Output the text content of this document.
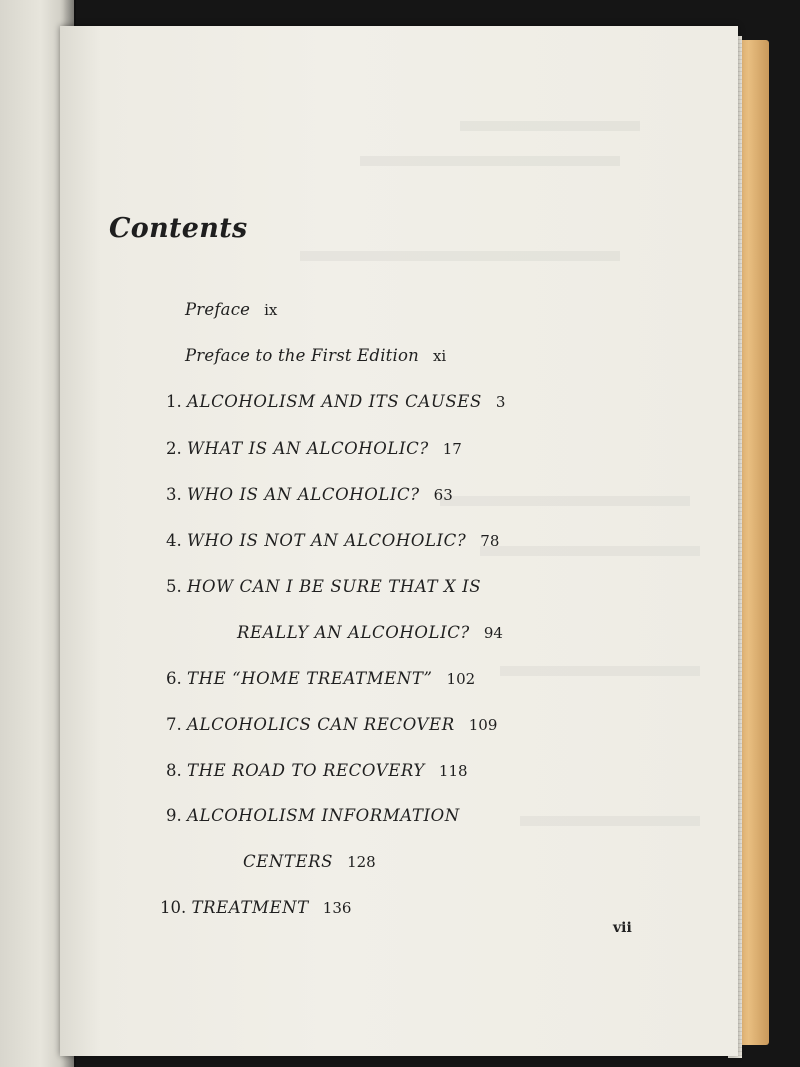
Contents
Preface ix
Preface to the First Edition xi
1. ALCOHOLISM AND ITS CAUSES 3
2. WHAT IS AN ALCOHOLIC? 17
3. WHO IS AN ALCOHOLIC? 63
4. WHO IS NOT AN ALCOHOLIC? 78
5. HOW CAN I BE SURE THAT X IS
REALLY AN ALCOHOLIC? 94
6. THE “HOME TREATMENT” 102
7. ALCOHOLICS CAN RECOVER 109
8. THE ROAD TO RECOVERY 118
9. ALCOHOLISM INFORMATION
CENTERS 128
10. TREATMENT 136
vii
